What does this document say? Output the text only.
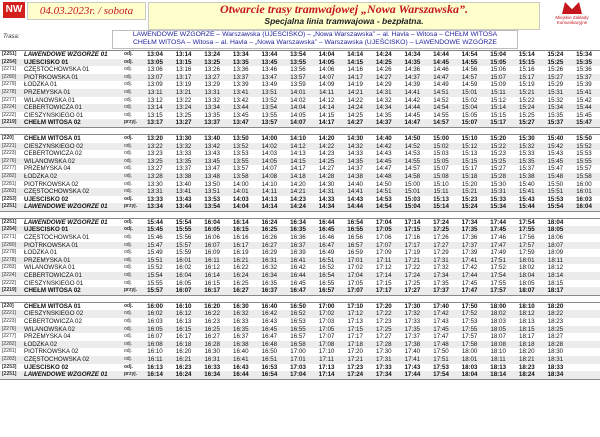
NW	04.03.2023r. / sobota	Otwarcie trasy tramwajowej „Nowa Warszawska”.
Specjalna linia tramwajowa - bezpłatna.	Miejskie Zakłady Komunikacyjne
Trasa:	LAWENDOWE WZGÓRZE – Warszawska (UJEŚCISKO) – „Nowa Warszawska” – al. Havla – Witosa – CHEŁM WITOSA
CHEŁM WITOSA – Witosa – al. Havla – „Nowa Warszawska” – Warszawska (UJEŚCISKO) – LAWENDOWE WZGÓRZE
[2251]	LAWENDOWE WZGÓRZE 01	odj.	13:04	13:14	13:24	13:34	13:44	13:54	14:04	14:14	14:24	14:34	14:44	14:54	15:04	15:14	15:24	15:34
[2254]	UJEŚCISKO 01	odj.	13:05	13:15	13:25	13:35	13:45	13:55	14:05	14:15	14:25	14:35	14:45	14:55	15:05	15:15	15:25	15:35
[2271]	CZĘSTOCHOWSKA 01	odj.	13:06	13:16	13:26	13:36	13:46	13:56	14:06	14:16	14:26	14:36	14:46	14:56	15:06	15:16	15:26	15:36
[2280]	PIOTRKOWSKA 01	odj.	13:07	13:17	13:27	13:37	13:47	13:57	14:07	14:17	14:27	14:37	14:47	14:57	15:07	15:17	15:27	15:37
[2279]	ŁÓDZKA 01	odj.	13:09	13:19	13:29	13:39	13:49	13:59	14:09	14:19	14:29	14:39	14:49	14:59	15:09	15:19	15:29	15:39
[2278]	PRZEMYSKA 01	odj.	13:11	13:21	13:31	13:41	13:51	14:01	14:11	14:21	14:31	14:41	14:51	15:01	15:11	15:21	15:31	15:41
[2277]	WILANOWSKA 01	odj.	13:12	13:22	13:32	13:42	13:52	14:02	14:12	14:22	14:32	14:42	14:52	15:02	15:12	15:22	15:32	15:42
[2224]	CEBERTOWICZA 01	odj.	13:14	13:24	13:34	13:44	13:54	14:04	14:14	14:24	14:34	14:44	14:54	15:04	15:14	15:24	15:34	15:44
[2222]	CIESZYŃSKIEGO 01	odj.	13:15	13:25	13:35	13:45	13:55	14:05	14:15	14:25	14:35	14:45	14:55	15:05	15:15	15:25	15:35	15:45
[2219]	CHEŁM WITOSA 02	przyj.	13:17	13:27	13:37	13:47	13:57	14:07	14:17	14:27	14:37	14:47	14:57	15:07	15:17	15:27	15:37	15:47
[220]	CHEŁM WITOSA 01	odj.	13:20	13:30	13:40	13:50	14:00	14:10	14:20	14:30	14:40	14:50	15:00	15:10	15:20	15:30	15:40	15:50
[2221]	CIESZYŃSKIEGO 02	odj.	13:22	13:32	13:42	13:52	14:02	14:12	14:22	14:32	14:42	14:52	15:02	15:12	15:22	15:32	15:42	15:52
[2223]	CEBERTOWICZA 02	odj.	13:23	13:33	13:43	13:53	14:03	14:13	14:23	14:33	14:43	14:53	15:03	15:13	15:23	15:33	15:43	15:53
[2276]	WILANOWSKA 02	odj.	13:25	13:35	13:45	13:55	14:05	14:15	14:25	14:35	14:45	14:55	15:05	15:15	15:25	15:35	15:45	15:55
[2277]	PRZEMYSKA 04	odj.	13:27	13:37	13:47	13:57	14:07	14:17	14:27	14:37	14:47	14:57	15:07	15:17	15:27	15:37	15:47	15:57
[2282]	ŁÓDZKA 02	odj.	13:28	13:38	13:48	13:58	14:08	14:18	14:28	14:38	14:48	14:58	15:08	15:18	15:28	15:38	15:48	15:58
[2281]	PIOTRKOWSKA 02	odj.	13:30	13:40	13:50	14:00	14:10	14:20	14:30	14:40	14:50	15:00	15:10	15:20	15:30	15:40	15:50	16:00
[2283]	CZĘSTOCHOWSKA 02	odj.	13:31	13:41	13:51	14:01	14:11	14:21	14:31	14:41	14:51	15:01	15:11	15:21	15:31	15:41	15:51	16:01
[2253]	UJEŚCISKO 02	odj.	13:33	13:43	13:53	14:03	14:13	14:23	14:33	14:43	14:53	15:03	15:13	15:23	15:33	15:43	15:53	16:03
[2251]	LAWENDOWE WZGÓRZE 01	przyj.	13:34	13:44	13:54	14:04	14:14	14:24	14:34	14:44	14:54	15:04	15:14	15:24	15:34	15:44	15:54	16:04
[2251]	LAWENDOWE WZGÓRZE 01	odj.	15:44	15:54	16:04	16:14	16:24	16:34	16:44	16:54	17:04	17:14	17:24	17:34	17:44	17:54	18:04
[2254]	UJEŚCISKO 01	odj.	15:45	15:55	16:05	16:15	16:25	16:35	16:45	16:55	17:05	17:15	17:25	17:35	17:45	17:55	18:05
[2271]	CZĘSTOCHOWSKA 01	odj.	15:46	15:56	16:06	16:16	16:26	16:36	16:46	16:56	17:06	17:16	17:26	17:36	17:46	17:56	18:06
[2280]	PIOTRKOWSKA 01	odj.	15:47	15:57	16:07	16:17	16:27	16:37	16:47	16:57	17:07	17:17	17:27	17:37	17:47	17:57	18:07
[2279]	ŁÓDZKA 01	odj.	15:49	15:59	16:09	16:19	16:29	16:39	16:49	16:59	17:09	17:19	17:29	17:39	17:49	17:59	18:09
[2278]	PRZEMYSKA 01	odj.	15:51	16:01	16:11	16:21	16:31	16:41	16:51	17:01	17:11	17:21	17:31	17:41	17:51	18:01	18:11
[2283]	WILANOWSKA 01	odj.	15:52	16:02	16:12	16:22	16:32	16:42	16:52	17:02	17:12	17:22	17:32	17:42	17:52	18:02	18:12
[2224]	CEBERTOWICZA 01	odj.	15:54	16:04	16:14	16:24	16:34	16:44	16:54	17:04	17:14	17:24	17:34	17:44	17:54	18:04	18:14
[2222]	CIESZYŃSKIEGO 01	odj.	15:55	16:05	16:15	16:25	16:35	16:45	16:55	17:05	17:15	17:25	17:35	17:45	17:55	18:05	18:15
[2219]	CHEŁM WITOSA 02	przyj.	15:57	16:07	16:17	16:27	16:37	16:47	16:57	17:07	17:17	17:27	17:37	17:47	17:57	18:07	18:17
[220]	CHEŁM WITOSA 01	odj.	16:00	16:10	16:20	16:30	16:40	16:50	17:00	17:10	17:20	17:30	17:40	17:50	18:00	18:10	18:20
[2221]	CIESZYŃSKIEGO 02	odj.	16:02	16:12	16:22	16:32	16:42	16:52	17:02	17:12	17:22	17:32	17:42	17:52	18:02	18:12	18:22
[2223]	CEBERTOWICZA 02	odj.	16:03	16:13	16:23	16:33	16:43	16:53	17:03	17:13	17:23	17:33	17:43	17:53	18:03	18:13	18:23
[2276]	WILANOWSKA 02	odj.	16:05	16:15	16:25	16:35	16:45	16:55	17:05	17:15	17:25	17:35	17:45	17:55	18:05	18:15	18:25
[2277]	PRZEMYSKA 04	odj.	16:07	16:17	16:27	16:37	16:47	16:57	17:07	17:17	17:27	17:37	17:47	17:57	18:07	18:17	18:27
[2282]	ŁÓDZKA 02	odj.	16:08	16:18	16:28	16:38	16:48	16:58	17:08	17:18	17:28	17:38	17:48	17:58	18:08	18:18	18:28
[2281]	PIOTRKOWSKA 02	odj.	16:10	16:20	16:30	16:40	16:50	17:00	17:10	17:20	17:30	17:40	17:50	18:00	18:10	18:20	18:30
[2283]	CZĘSTOCHOWSKA 02	odj.	16:11	16:21	16:31	16:41	16:51	17:01	17:11	17:21	17:31	17:41	17:51	18:01	18:11	18:21	18:31
[2253]	UJEŚCISKO 02	odj.	16:13	16:23	16:33	16:43	16:53	17:03	17:13	17:23	17:33	17:43	17:53	18:03	18:13	18:23	18:33
[2251]	LAWENDOWE WZGÓRZE 01	przyj.	16:14	16:24	16:34	16:44	16:54	17:04	17:14	17:24	17:34	17:44	17:54	18:04	18:14	18:24	18:34
